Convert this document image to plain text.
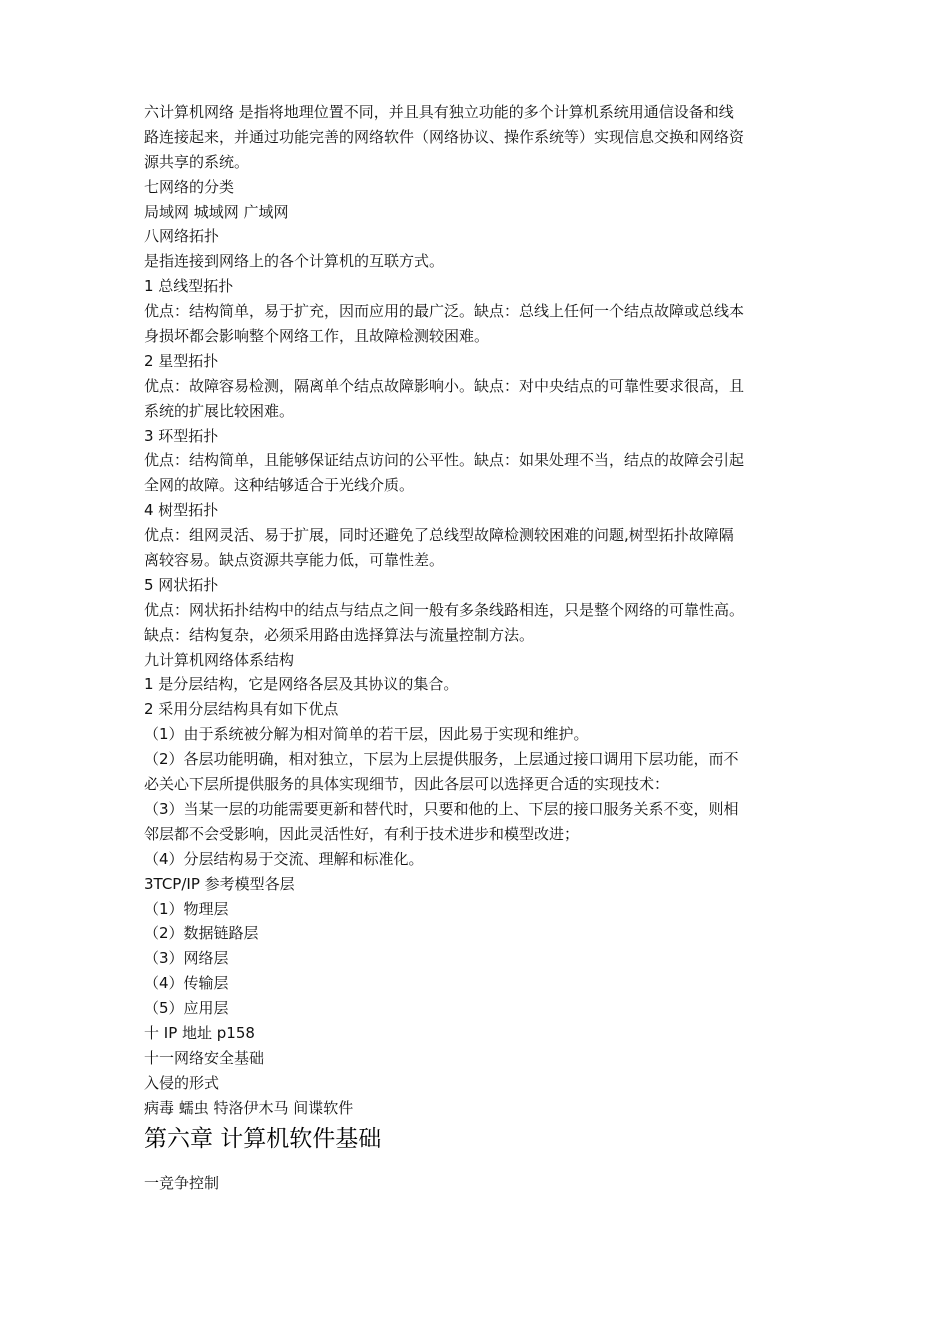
六计算机网络 是指将地理位置不同，并且具有独立功能的多个计算机系统用通信设备和线
路连接起来，并通过功能完善的网络软件（网络协议、操作系统等）实现信息交换和网络资
源共享的系统。
七网络的分类
局域网 城域网 广域网
八网络拓扑
是指连接到网络上的各个计算机的互联方式。
1 总线型拓扑
优点：结构简单，易于扩充，因而应用的最广泛。缺点：总线上任何一个结点故障或总线本
身损坏都会影响整个网络工作，且故障检测较困难。
2 星型拓扑
优点：故障容易检测，隔离单个结点故障影响小。缺点：对中央结点的可靠性要求很高，且
系统的扩展比较困难。
3 环型拓扑
优点：结构简单，且能够保证结点访问的公平性。缺点：如果处理不当，结点的故障会引起
全网的故障。这种结够适合于光线介质。
4 树型拓扑
优点：组网灵活、易于扩展，同时还避免了总线型故障检测较困难的问题,树型拓扑故障隔
离较容易。缺点资源共享能力低，可靠性差。
5 网状拓扑
优点：网状拓扑结构中的结点与结点之间一般有多条线路相连，只是整个网络的可靠性高。
缺点：结构复杂，必须采用路由选择算法与流量控制方法。
九计算机网络体系结构
1 是分层结构，它是网络各层及其协议的集合。
2 采用分层结构具有如下优点
（1）由于系统被分解为相对简单的若干层，因此易于实现和维护。
（2）各层功能明确，相对独立，下层为上层提供服务，上层通过接口调用下层功能，而不
必关心下层所提供服务的具体实现细节，因此各层可以选择更合适的实现技术：
（3）当某一层的功能需要更新和替代时，只要和他的上、下层的接口服务关系不变，则相
邻层都不会受影响，因此灵活性好，有利于技术进步和模型改进；
（4）分层结构易于交流、理解和标准化。
3TCP/IP 参考模型各层
（1）物理层
（2）数据链路层
（3）网络层
（4）传输层
（5）应用层
十 IP 地址 p158
十一网络安全基础
入侵的形式
病毒 蠕虫 特洛伊木马 间谍软件
第六章 计算机软件基础
一竞争控制
